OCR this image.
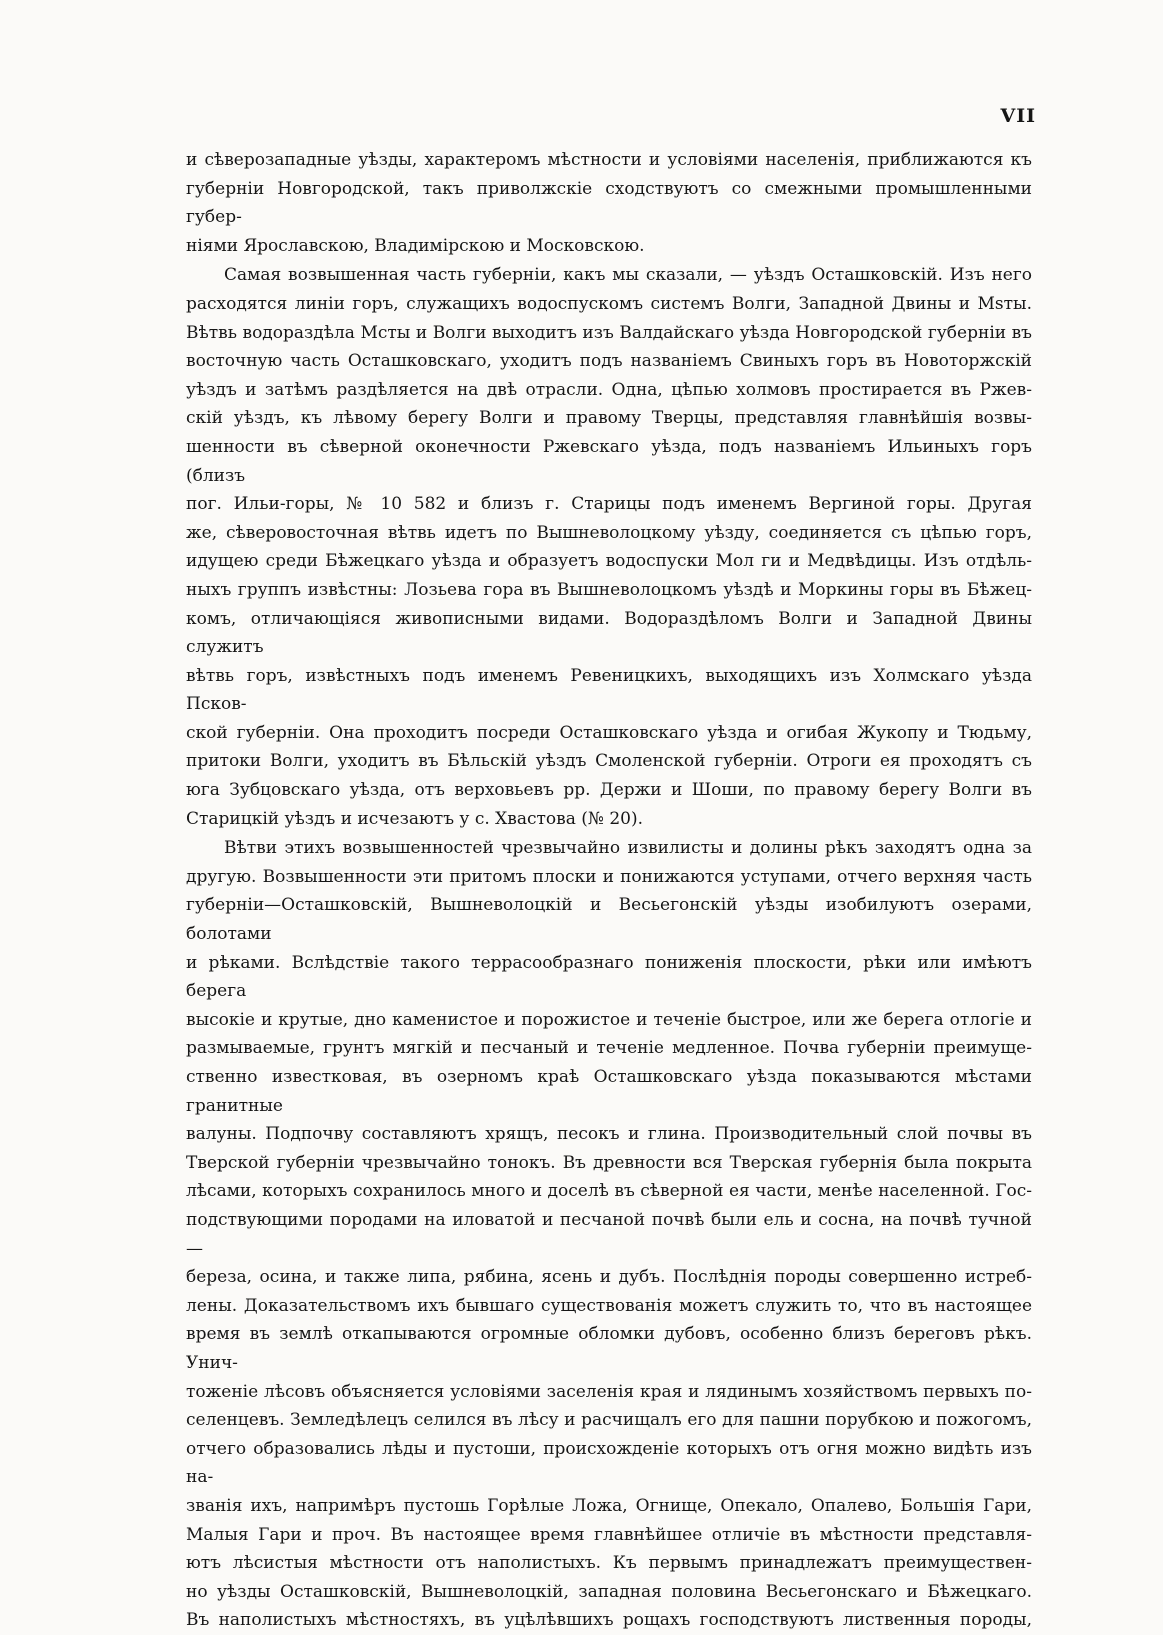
VII

и сѣверозападные уѣзды, характеромъ мѣстности и условіями населенія, приближаются къ
губерніи Новгородской, такъ приволжскіе сходствуютъ со смежными промышленными губер-
ніями Ярославскою, Владимірскою и Московскою.

Самая возвышенная часть губерніи, какъ мы сказали, — уѣздъ Осташковскій. Изъ него
расходятся линіи горъ, служащихъ водоспускомъ системъ Волги, Западной Двины и Msты.
Вѣтвь водораздѣла Мсты и Волги выходитъ изъ Валдайскаго уѣзда Новгородской губерніи въ
восточную часть Осташковскаго, уходитъ подъ названіемъ Свиныхъ горъ въ Новоторжскій
уѣздъ и затѣмъ раздѣляется на двѣ отрасли. Одна, цѣпью холмовъ простирается въ Ржев-
скій уѣздъ, къ лѣвому берегу Волги и правому Тверцы, представляя главнѣйшія возвы-
шенности въ сѣверной оконечности Ржевскаго уѣзда, подъ названіемъ Ильиныхъ горъ (близъ
пог. Ильи-горы, № 10 582 и близъ г. Старицы подъ именемъ Вергиной горы. Другая
же, сѣверовосточная вѣтвь идетъ по Вышневолоцкому уѣзду, соединяется съ цѣпью горъ,
идущею среди Бѣжецкаго уѣзда и образуетъ водоспуски Мол ги и Медвѣдицы. Изъ отдѣль-
ныхъ группъ извѣстны: Лозьева гора въ Вышневолоцкомъ уѣздѣ и Моркины горы въ Бѣжец-
комъ, отличающіяся живописными видами. Водораздѣломъ Волги и Западной Двины служитъ
вѣтвь горъ, извѣстныхъ подъ именемъ Ревеницкихъ, выходящихъ изъ Холмскаго уѣзда Псков-
ской губерніи. Она проходитъ посреди Осташковскаго уѣзда и огибая Жукопу и Тюдьму,
притоки Волги, уходитъ въ Бѣльскій уѣздъ Смоленской губерніи. Отроги ея проходятъ съ
юга Зубцовскаго уѣзда, отъ верховьевъ рр. Держи и Шоши, по правому берегу Волги въ
Старицкій уѣздъ и исчезаютъ у с. Хвастова (№ 20).

Вѣтви этихъ возвышенностей чрезвычайно извилисты и долины рѣкъ заходятъ одна за
другую. Возвышенности эти притомъ плоски и понижаются уступами, отчего верхняя часть
губерніи—Осташковскій, Вышневолоцкій и Весьегонскій уѣзды изобилуютъ озерами, болотами
и рѣками. Вслѣдствіе такого террасообразнаго пониженія плоскости, рѣки или имѣютъ берега
высокіе и крутые, дно каменистое и порожистое и теченіе быстрое, или же берега отлогіе и
размываемые, грунтъ мягкій и песчаный и теченіе медленное. Почва губерніи преимуще-
ственно известковая, въ озерномъ краѣ Осташковскаго уѣзда показываются мѣстами гранитные
валуны. Подпочву составляютъ хрящъ, песокъ и глина. Производительный слой почвы въ
Тверской губерніи чрезвычайно тонокъ. Въ древности вся Тверская губернія была покрыта
лѣсами, которыхъ сохранилось много и доселѣ въ сѣверной ея части, менѣе населенной. Гос-
подствующими породами на иловатой и песчаной почвѣ были ель и сосна, на почвѣ тучной —
береза, осина, и также липа, рябина, ясень и дубъ. Послѣднія породы совершенно истреб-
лены. Доказательствомъ ихъ бывшаго существованія можетъ служить то, что въ настоящее
время въ землѣ откапываются огромные обломки дубовъ, особенно близъ береговъ рѣкъ. Унич-
тоженіе лѣсовъ объясняется условіями заселенія края и лядинымъ хозяйствомъ первыхъ по-
селенцевъ. Земледѣлецъ селился въ лѣсу и расчищалъ его для пашни порубкою и пожогомъ,
отчего образовались лѣды и пустоши, происхожденіе которыхъ отъ огня можно видѣть изъ на-
званія ихъ, напримѣръ пустошь Горѣлые Ложа, Огнище, Опекало, Опалево, Большія Гари,
Малыя Гари и проч. Въ настоящее время главнѣйшее отличіе въ мѣстности представля-
ютъ лѣсистыя мѣстности отъ наполистыхъ. Къ первымъ принадлежатъ преимуществен-
но уѣзды Осташковскій, Вышневолоцкій, западная половина Весьегонскаго и Бѣжецкаго.
Въ наполистыхъ мѣстностяхъ, въ уцѣлѣвшихъ рощахъ господствуютъ лиственныя породы,
